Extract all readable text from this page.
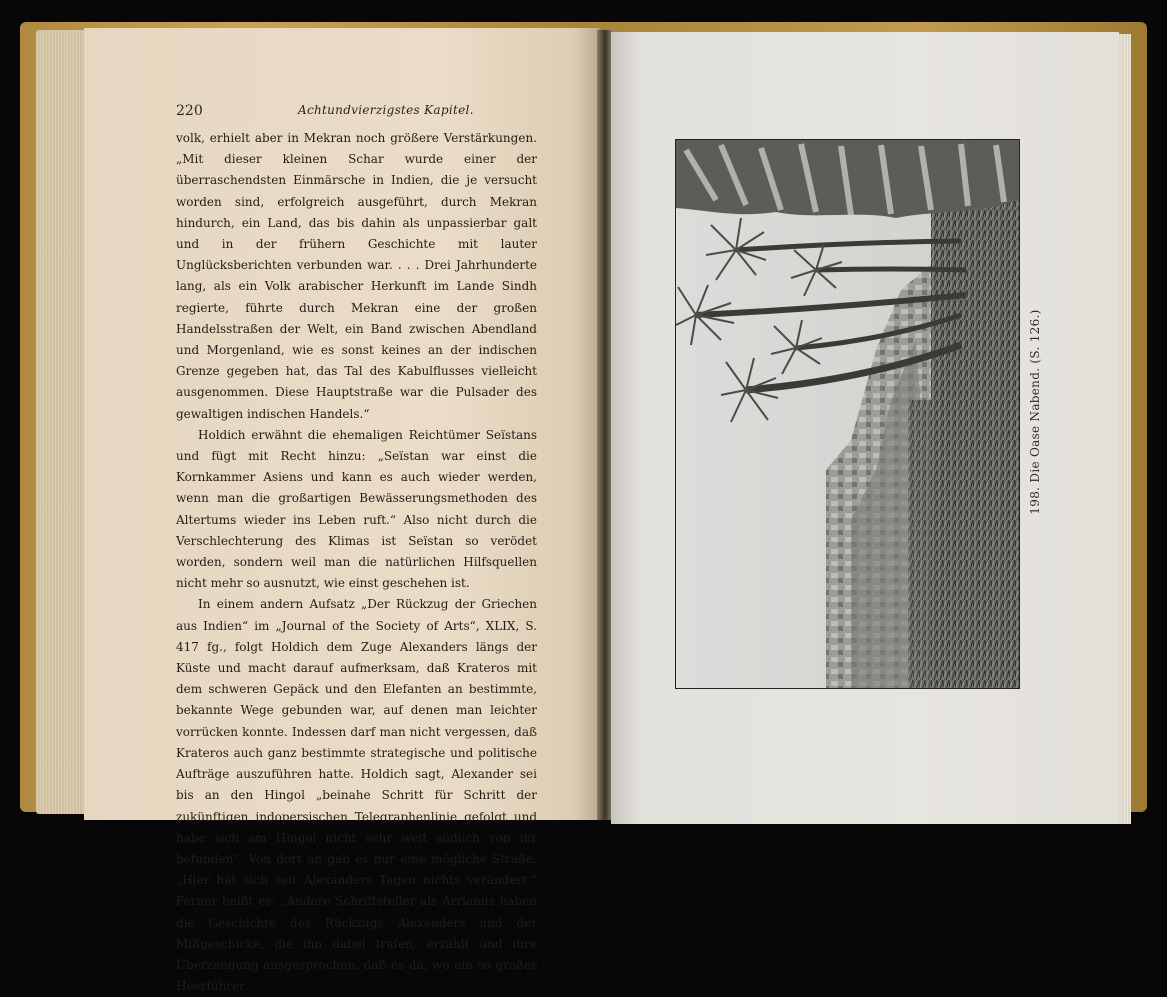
220	Achtundvierzigstes Kapitel.

volk, erhielt aber in Mekran noch größere Verstärkungen. „Mit dieser kleinen Schar wurde einer der überraschendsten Einmärsche in Indien, die je versucht worden sind, erfolgreich ausgeführt, durch Mekran hindurch, ein Land, das bis dahin als unpassierbar galt und in der frühern Geschichte mit lauter Unglücksberichten verbunden war. . . . Drei Jahrhunderte lang, als ein Volk arabischer Herkunft im Lande Sindh regierte, führte durch Mekran eine der großen Handelsstraßen der Welt, ein Band zwischen Abendland und Morgenland, wie es sonst keines an der indischen Grenze gegeben hat, das Tal des Kabulflusses vielleicht ausgenommen. Diese Hauptstraße war die Pulsader des gewaltigen indischen Handels.“

Holdich erwähnt die ehemaligen Reichtümer Seïstans und fügt mit Recht hinzu: „Seïstan war einst die Kornkammer Asiens und kann es auch wieder werden, wenn man die großartigen Bewässerungsmethoden des Altertums wieder ins Leben ruft.“ Also nicht durch die Verschlechterung des Klimas ist Seïstan so verödet worden, sondern weil man die natürlichen Hilfsquellen nicht mehr so ausnutzt, wie einst geschehen ist.

In einem andern Aufsatz „Der Rückzug der Griechen aus Indien“ im „Journal of the Society of Arts“, XLIX, S. 417 fg., folgt Holdich dem Zuge Alexanders längs der Küste und macht darauf aufmerksam, daß Krateros mit dem schweren Gepäck und den Elefanten an bestimmte, bekannte Wege gebunden war, auf denen man leichter vorrücken konnte. Indessen darf man nicht vergessen, daß Krateros auch ganz bestimmte strategische und politische Aufträge auszuführen hatte. Holdich sagt, Alexander sei bis an den Hingol „beinahe Schritt für Schritt der zukünftigen indopersischen Telegraphenlinie gefolgt und habe sich am Hingol nicht sehr weit südlich von ihr befunden“. Von dort an gab es nur eine mögliche Straße. „Hier hat sich seit Alexanders Tagen nichts verändert.“ Ferner heißt es: „Andere Schriftsteller als Arrianus haben die Geschichte des Rückzugs Alexanders und der Mißgeschicke, die ihn dabei trafen, erzählt und ihre Überzeugung ausgesprochen, daß es da, wo ein so großer Heerführer

198. Die Oase Nabend. (S. 126.)
